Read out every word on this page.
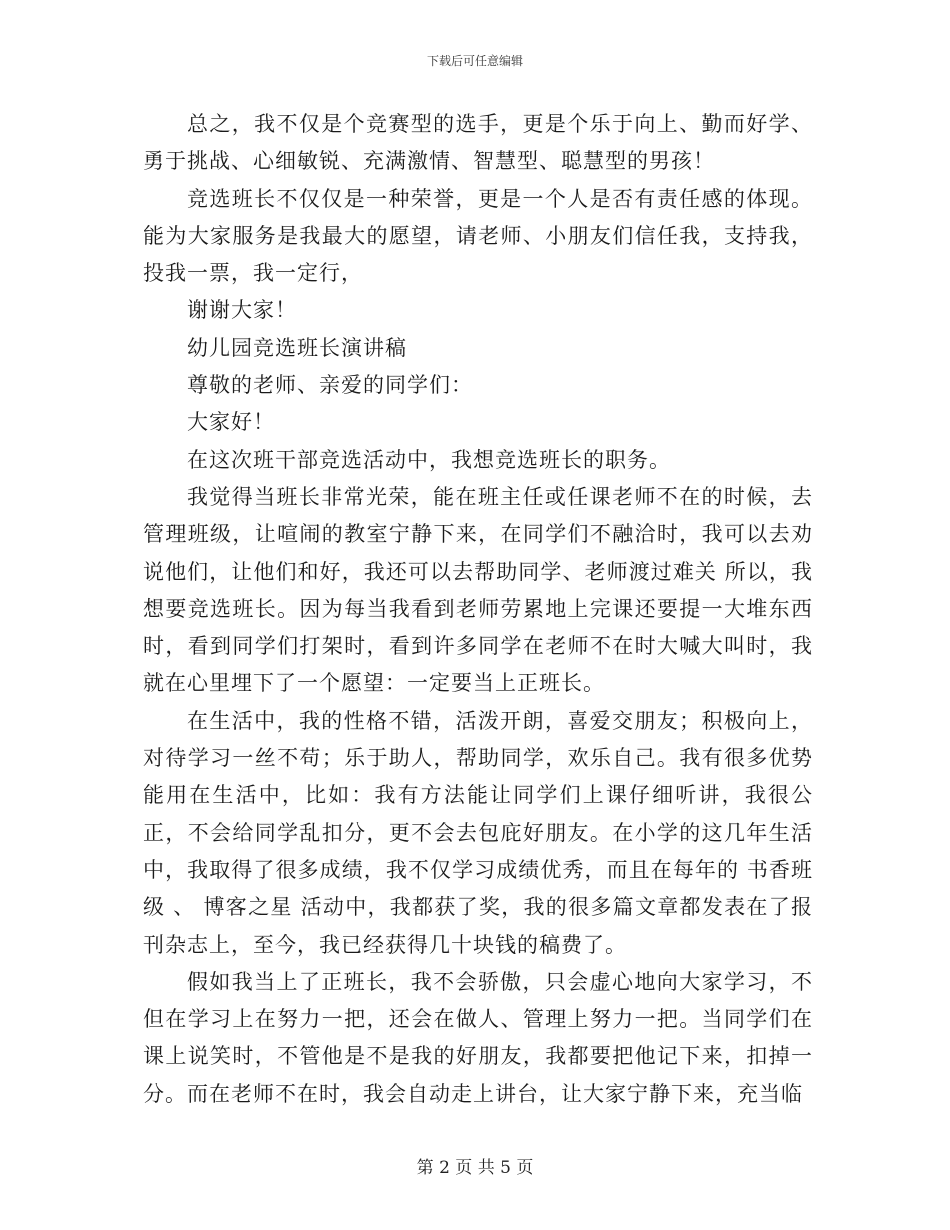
下载后可任意编辑

总之，我不仅是个竞赛型的选手，更是个乐于向上、勤而好学、勇于挑战、心细敏锐、充满激情、智慧型、聪慧型的男孩！

竞选班长不仅仅是一种荣誉，更是一个人是否有责任感的体现。能为大家服务是我最大的愿望，请老师、小朋友们信任我，支持我，投我一票，我一定行，

谢谢大家！

幼儿园竞选班长演讲稿

尊敬的老师、亲爱的同学们：

大家好！

在这次班干部竞选活动中，我想竞选班长的职务。

我觉得当班长非常光荣，能在班主任或任课老师不在的时候，去管理班级，让喧闹的教室宁静下来，在同学们不融洽时，我可以去劝说他们，让他们和好，我还可以去帮助同学、老师渡过难关 所以，我想要竞选班长。因为每当我看到老师劳累地上完课还要提一大堆东西时，看到同学们打架时，看到许多同学在老师不在时大喊大叫时，我就在心里埋下了一个愿望：一定要当上正班长。

在生活中，我的性格不错，活泼开朗，喜爱交朋友；积极向上，对待学习一丝不苟；乐于助人，帮助同学，欢乐自己。我有很多优势能用在生活中，比如：我有方法能让同学们上课仔细听讲，我很公正，不会给同学乱扣分，更不会去包庇好朋友。在小学的这几年生活中，我取得了很多成绩，我不仅学习成绩优秀，而且在每年的 书香班级 、 博客之星 活动中，我都获了奖，我的很多篇文章都发表在了报刊杂志上，至今，我已经获得几十块钱的稿费了。

假如我当上了正班长，我不会骄傲，只会虚心地向大家学习，不但在学习上在努力一把，还会在做人、管理上努力一把。当同学们在课上说笑时，不管他是不是我的好朋友，我都要把他记下来，扣掉一分。而在老师不在时，我会自动走上讲台，让大家宁静下来，充当临

第 2 页 共 5 页
